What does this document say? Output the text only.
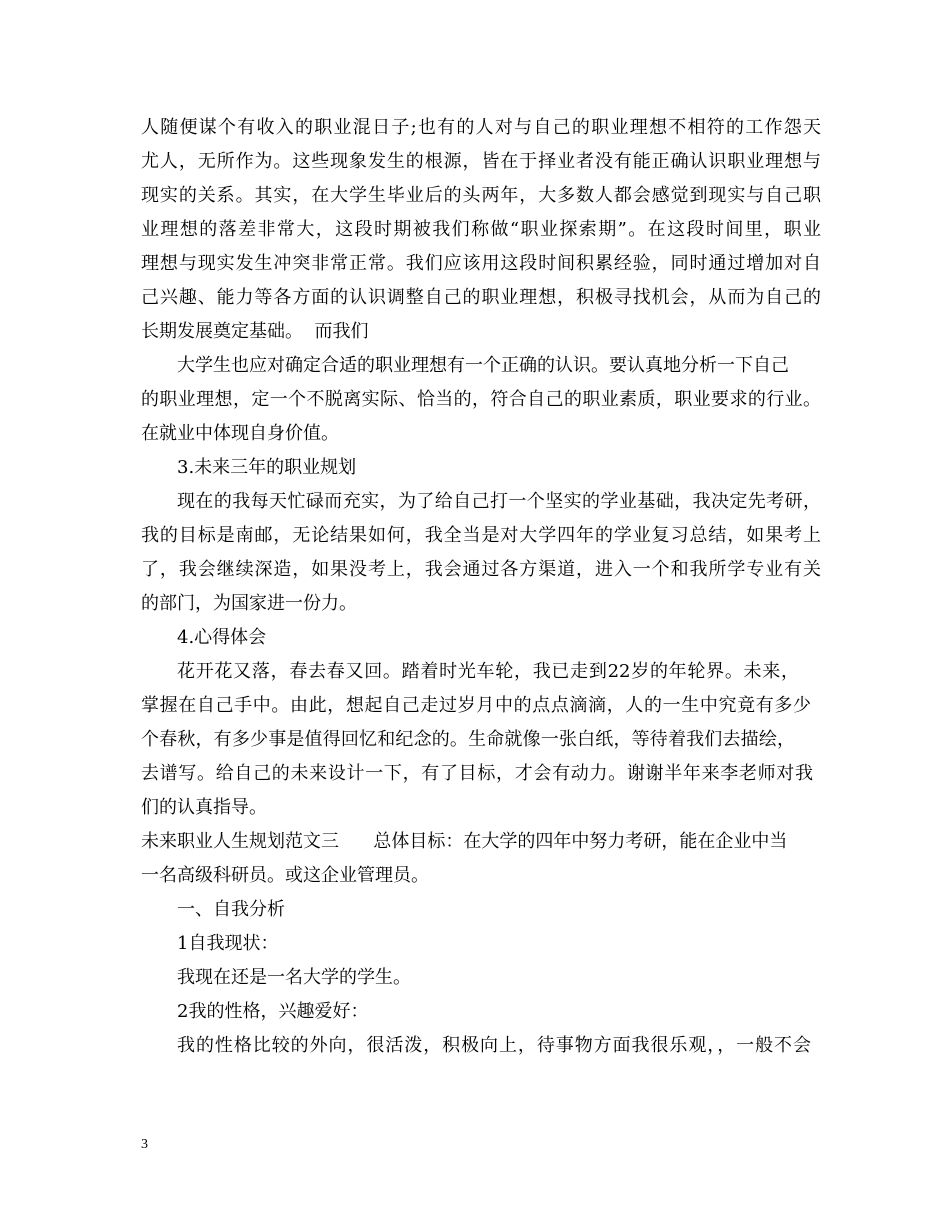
人随便谋个有收入的职业混日子;也有的人对与自己的职业理想不相符的工作怨天
尤人，无所作为。这些现象发生的根源，皆在于择业者没有能正确认识职业理想与
现实的关系。其实，在大学生毕业后的头两年，大多数人都会感觉到现实与自己职
业理想的落差非常大，这段时期被我们称做“职业探索期”。在这段时间里，职业
理想与现实发生冲突非常正常。我们应该用这段时间积累经验，同时通过增加对自
己兴趣、能力等各方面的认识调整自己的职业理想，积极寻找机会，从而为自己的
长期发展奠定基础。  而我们
大学生也应对确定合适的职业理想有一个正确的认识。要认真地分析一下自己
的职业理想，定一个不脱离实际、恰当的，符合自己的职业素质，职业要求的行业。
在就业中体现自身价值。
3.未来三年的职业规划
现在的我每天忙碌而充实，为了给自己打一个坚实的学业基础，我决定先考研，
我的目标是南邮，无论结果如何，我全当是对大学四年的学业复习总结，如果考上
了，我会继续深造，如果没考上，我会通过各方渠道，进入一个和我所学专业有关
的部门，为国家进一份力。
4.心得体会
花开花又落，春去春又回。踏着时光车轮，我已走到22岁的年轮界。未来，
掌握在自己手中。由此，想起自己走过岁月中的点点滴滴，人的一生中究竟有多少
个春秋，有多少事是值得回忆和纪念的。生命就像一张白纸，等待着我们去描绘，
去谱写。给自己的未来设计一下，有了目标，才会有动力。谢谢半年来李老师对我
们的认真指导。
未来职业人生规划范文三      总体目标：在大学的四年中努力考研，能在企业中当
一名高级科研员。或这企业管理员。
一、自我分析
1自我现状：
我现在还是一名大学的学生。
2我的性格，兴趣爱好：
我的性格比较的外向，很活泼，积极向上，待事物方面我很乐观，，一般不会
3
